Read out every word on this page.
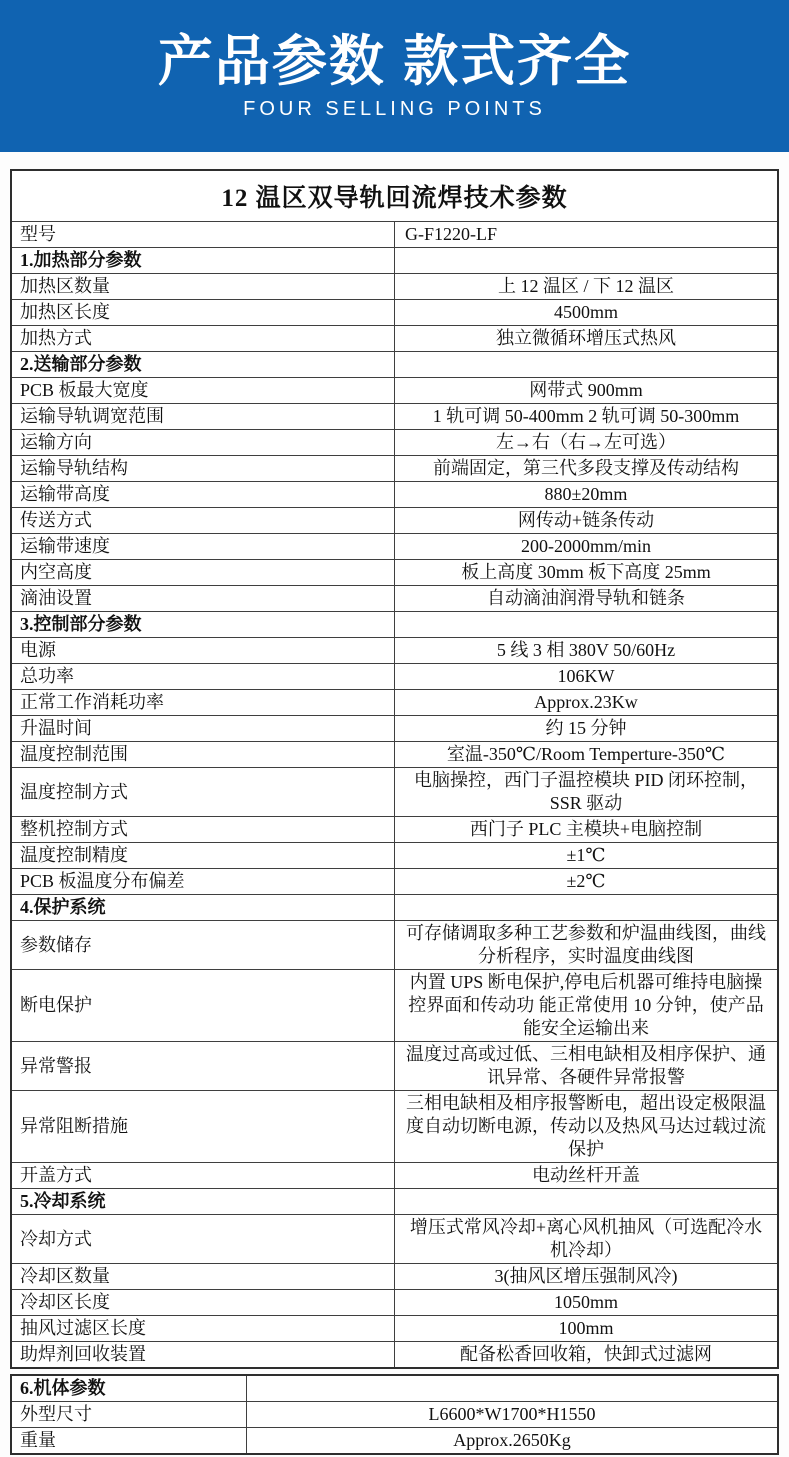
产品参数 款式齐全
FOUR SELLING POINTS
12 温区双导轨回流焊技术参数	
型号	G-F1220-LF
1.加热部分参数	
加热区数量	上 12 温区 / 下 12 温区
加热区长度	4500mm
加热方式	独立微循环增压式热风
2.送输部分参数	
PCB 板最大宽度	网带式 900mm
运输导轨调宽范围	1 轨可调 50-400mm 2 轨可调 50-300mm
运输方向	左→右（右→左可选）
运输导轨结构	前端固定，第三代多段支撑及传动结构
运输带高度	880±20mm
传送方式	网传动+链条传动
运输带速度	200-2000mm/min
内空高度	板上高度 30mm 板下高度 25mm
滴油设置	自动滴油润滑导轨和链条
3.控制部分参数	
电源	5 线 3 相 380V 50/60Hz
总功率	106KW
正常工作消耗功率	Approx.23Kw
升温时间	约 15 分钟
温度控制范围	室温-350℃/Room Temperture-350℃
温度控制方式	电脑操控，西门子温控模块 PID 闭环控制，SSR 驱动
整机控制方式	西门子 PLC 主模块+电脑控制
温度控制精度	±1℃
PCB 板温度分布偏差	±2℃
4.保护系统	
参数储存	可存储调取多种工艺参数和炉温曲线图，曲线分析程序，实时温度曲线图
断电保护	内置 UPS 断电保护,停电后机器可维持电脑操控界面和传动功 能正常使用 10 分钟，使产品能安全运输出来
异常警报	温度过高或过低、三相电缺相及相序保护、通讯异常、各硬件异常报警
异常阻断措施	三相电缺相及相序报警断电，超出设定极限温度自动切断电源，传动以及热风马达过载过流保护
开盖方式	电动丝杆开盖
5.冷却系统	
冷却方式	增压式常风冷却+离心风机抽风（可选配冷水机冷却）
冷却区数量	3(抽风区增压强制风冷)
冷却区长度	1050mm
抽风过滤区长度	100mm
助焊剂回收装置	配备松香回收箱，快卸式过滤网
6.机体参数	
外型尺寸	L6600*W1700*H1550
重量	Approx.2650Kg
